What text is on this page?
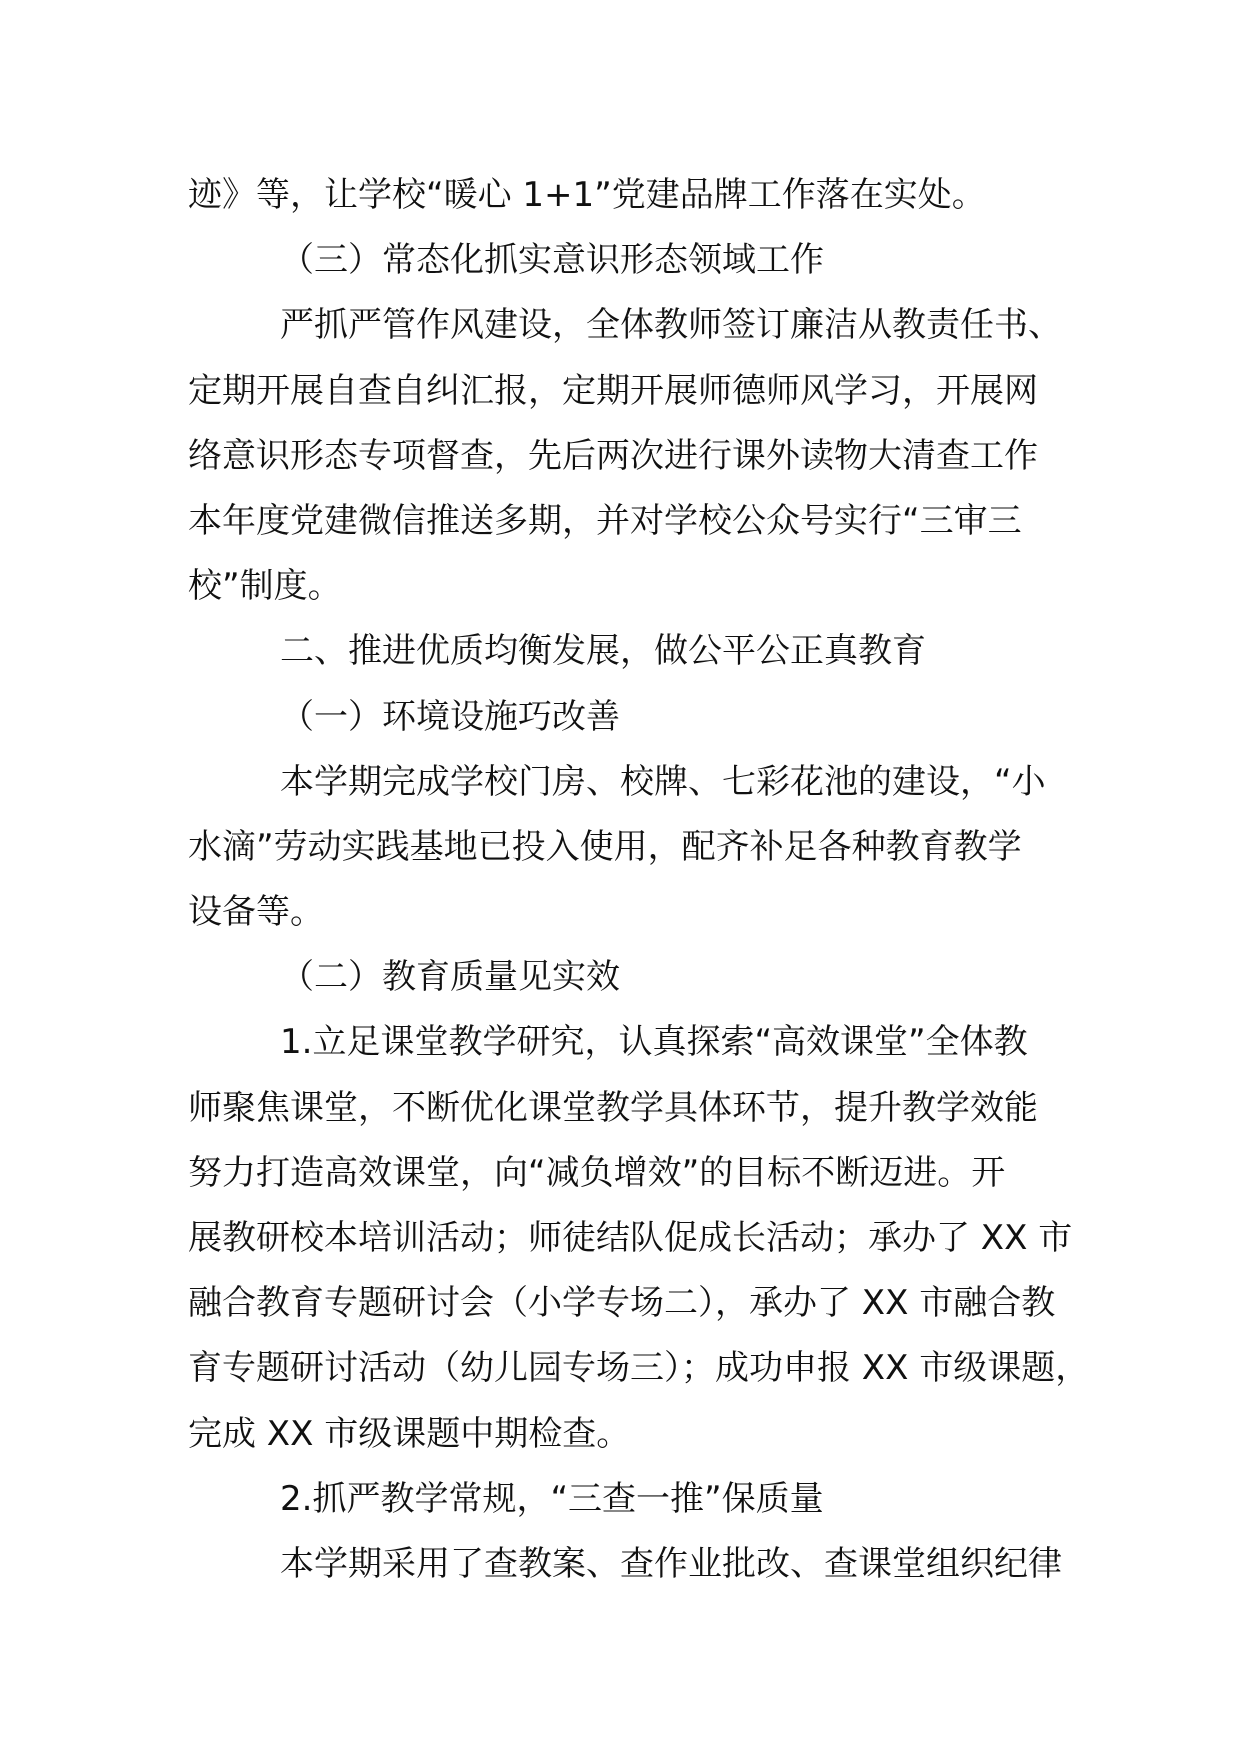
迹》等，让学校“暖心 1+1”党建品牌工作落在实处。
（三）常态化抓实意识形态领域工作
严抓严管作风建设，全体教师签订廉洁从教责任书、
定期开展自查自纠汇报，定期开展师德师风学习，开展网
络意识形态专项督查，先后两次进行课外读物大清查工作
本年度党建微信推送多期，并对学校公众号实行“三审三
校”制度。
二、推进优质均衡发展，做公平公正真教育
（一）环境设施巧改善
本学期完成学校门房、校牌、七彩花池的建设，“小
水滴”劳动实践基地已投入使用，配齐补足各种教育教学
设备等。
（二）教育质量见实效
1.立足课堂教学研究，认真探索“高效课堂”全体教
师聚焦课堂，不断优化课堂教学具体环节，提升教学效能
努力打造高效课堂，向“减负增效”的目标不断迈进。开
展教研校本培训活动；师徒结队促成长活动；承办了 XX 市
融合教育专题研讨会（小学专场二），承办了 XX 市融合教
育专题研讨活动（幼儿园专场三）；成功申报 XX 市级课题，
完成 XX 市级课题中期检查。
2.抓严教学常规，“三查一推”保质量
本学期采用了查教案、查作业批改、查课堂组织纪律
